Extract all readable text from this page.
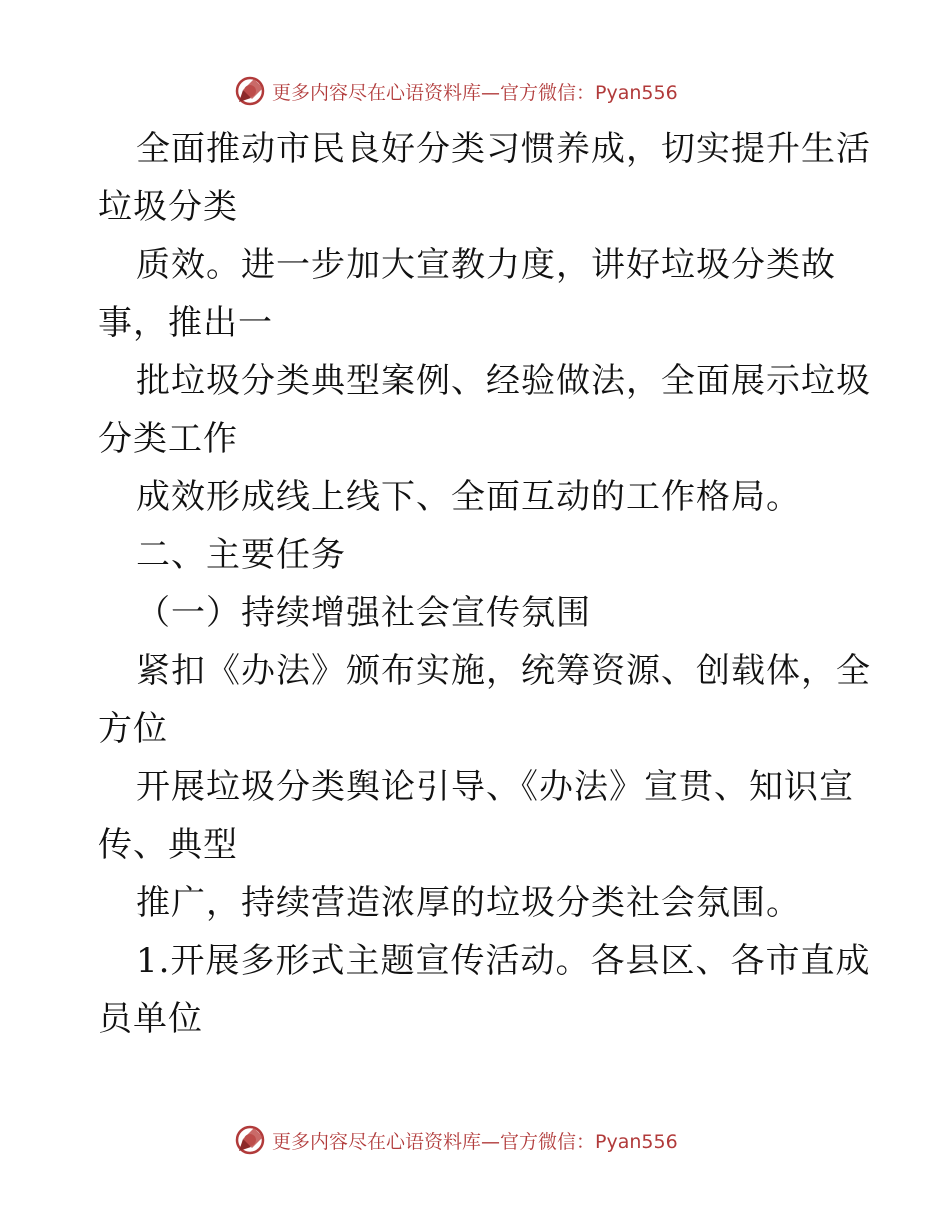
更多内容尽在心语资料库—官方微信：Pyan556
全面推动市民良好分类习惯养成，切实提升生活
垃圾分类
质效。进一步加大宣教力度，讲好垃圾分类故
事，推出一
批垃圾分类典型案例、经验做法，全面展示垃圾
分类工作
成效形成线上线下、全面互动的工作格局。
二、主要任务
（一）持续增强社会宣传氛围
紧扣《办法》颁布实施，统筹资源、创载体，全
方位
开展垃圾分类舆论引导、《办法》宣贯、知识宣
传、典型
推广，持续营造浓厚的垃圾分类社会氛围。
1.开展多形式主题宣传活动。各县区、各市直成
员单位
更多内容尽在心语资料库—官方微信：Pyan556
